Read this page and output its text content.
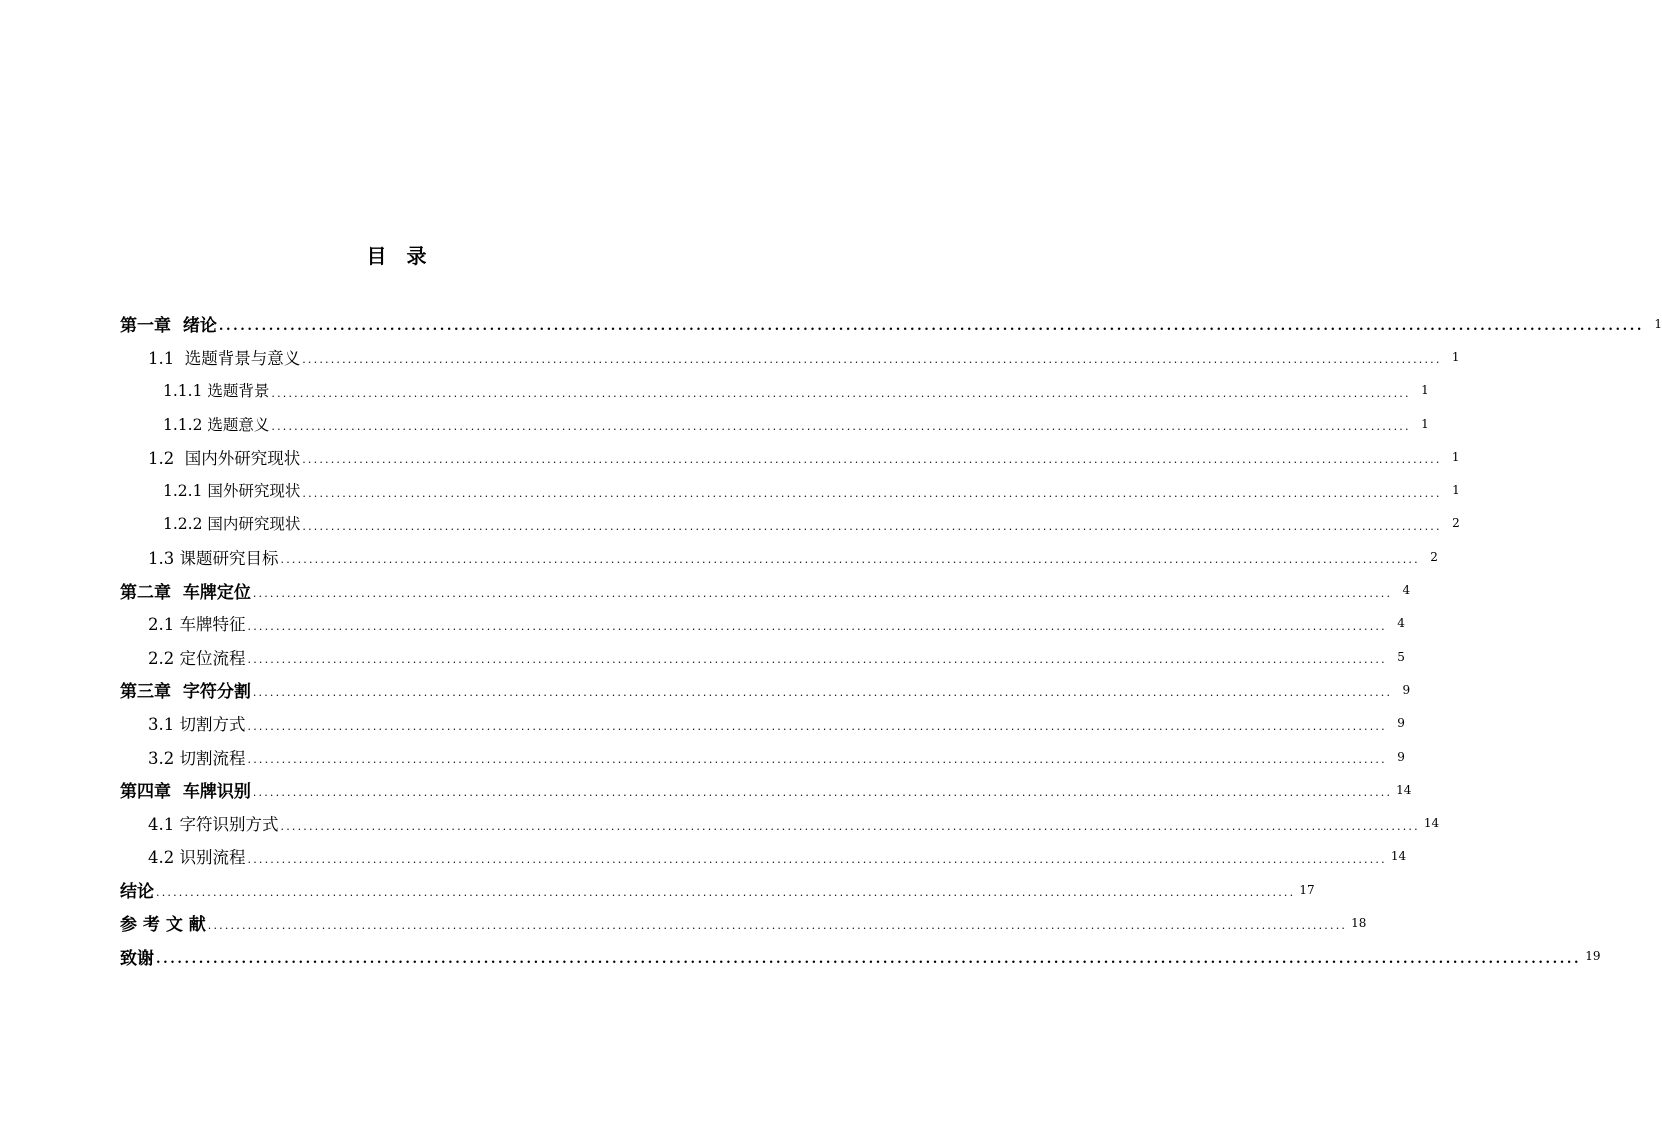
目　录
第一章  绪论 ........................................................................................................................................................................................................ 1
1.1  选题背景与意义 ........................................................................................................................................................................................................ 1
1.1.1 选题背景 ........................................................................................................................................................................................................ 1
1.1.2 选题意义 ........................................................................................................................................................................................................ 1
1.2  国内外研究现状 ........................................................................................................................................................................................................ 1
1.2.1 国外研究现状 ........................................................................................................................................................................................................ 1
1.2.2 国内研究现状 ........................................................................................................................................................................................................ 2
1.3 课题研究目标 ........................................................................................................................................................................................................ 2
第二章  车牌定位 ........................................................................................................................................................................................................ 4
2.1 车牌特征 ........................................................................................................................................................................................................ 4
2.2 定位流程 ........................................................................................................................................................................................................ 5
第三章  字符分割 ........................................................................................................................................................................................................ 9
3.1 切割方式 ........................................................................................................................................................................................................ 9
3.2 切割流程 ........................................................................................................................................................................................................ 9
第四章  车牌识别 ........................................................................................................................................................................................................ 14
4.1 字符识别方式 ........................................................................................................................................................................................................ 14
4.2 识别流程 ........................................................................................................................................................................................................ 14
结论 ........................................................................................................................................................................................................ 17
参 考 文 献 ........................................................................................................................................................................................................ 18
致谢 ........................................................................................................................................................................................................ 19
